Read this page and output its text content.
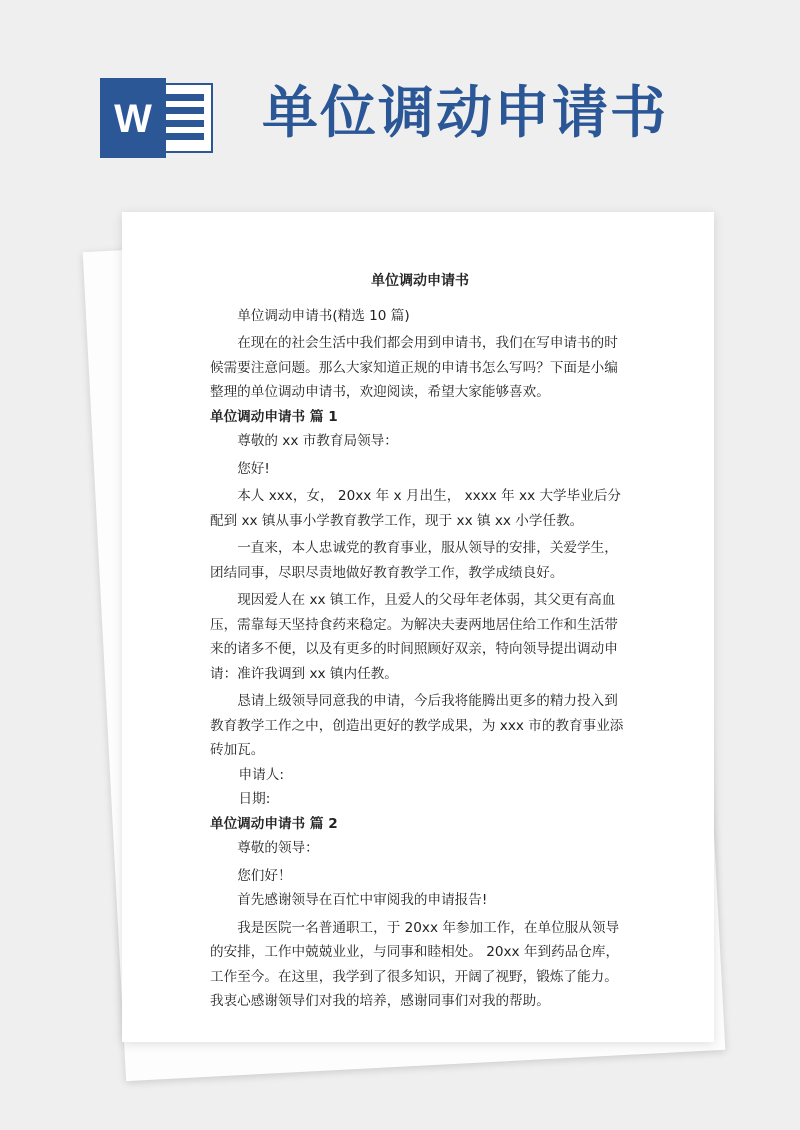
W 单位调动申请书
单位调动申请书

单位调动申请书(精选 10 篇)

在现在的社会生活中我们都会用到申请书，我们在写申请书的时候需要注意问题。那么大家知道正规的申请书怎么写吗？下面是小编整理的单位调动申请书，欢迎阅读，希望大家能够喜欢。

单位调动申请书 篇 1

尊敬的 xx 市教育局领导：

您好!

本人 xxx，女， 20xx 年 x 月出生， xxxx 年 xx 大学毕业后分配到 xx 镇从事小学教育教学工作，现于 xx 镇 xx 小学任教。

一直来，本人忠诚党的教育事业，服从领导的安排，关爱学生，团结同事，尽职尽责地做好教育教学工作，教学成绩良好。

现因爱人在 xx 镇工作，且爱人的父母年老体弱，其父更有高血压，需靠每天坚持食药来稳定。为解决夫妻两地居住给工作和生活带来的诸多不便，以及有更多的时间照顾好双亲，特向领导提出调动申请：准许我调到 xx 镇内任教。

恳请上级领导同意我的申请，今后我将能腾出更多的精力投入到教育教学工作之中，创造出更好的教学成果，为 xxx 市的教育事业添砖加瓦。

申请人:

日期:

单位调动申请书 篇 2

尊敬的领导：

您们好！

首先感谢领导在百忙中审阅我的申请报告!

我是医院一名普通职工，于 20xx 年参加工作，在单位服从领导的安排，工作中兢兢业业，与同事和睦相处。 20xx 年到药品仓库，工作至今。在这里，我学到了很多知识，开阔了视野，锻炼了能力。我衷心感谢领导们对我的培养，感谢同事们对我的帮助。
